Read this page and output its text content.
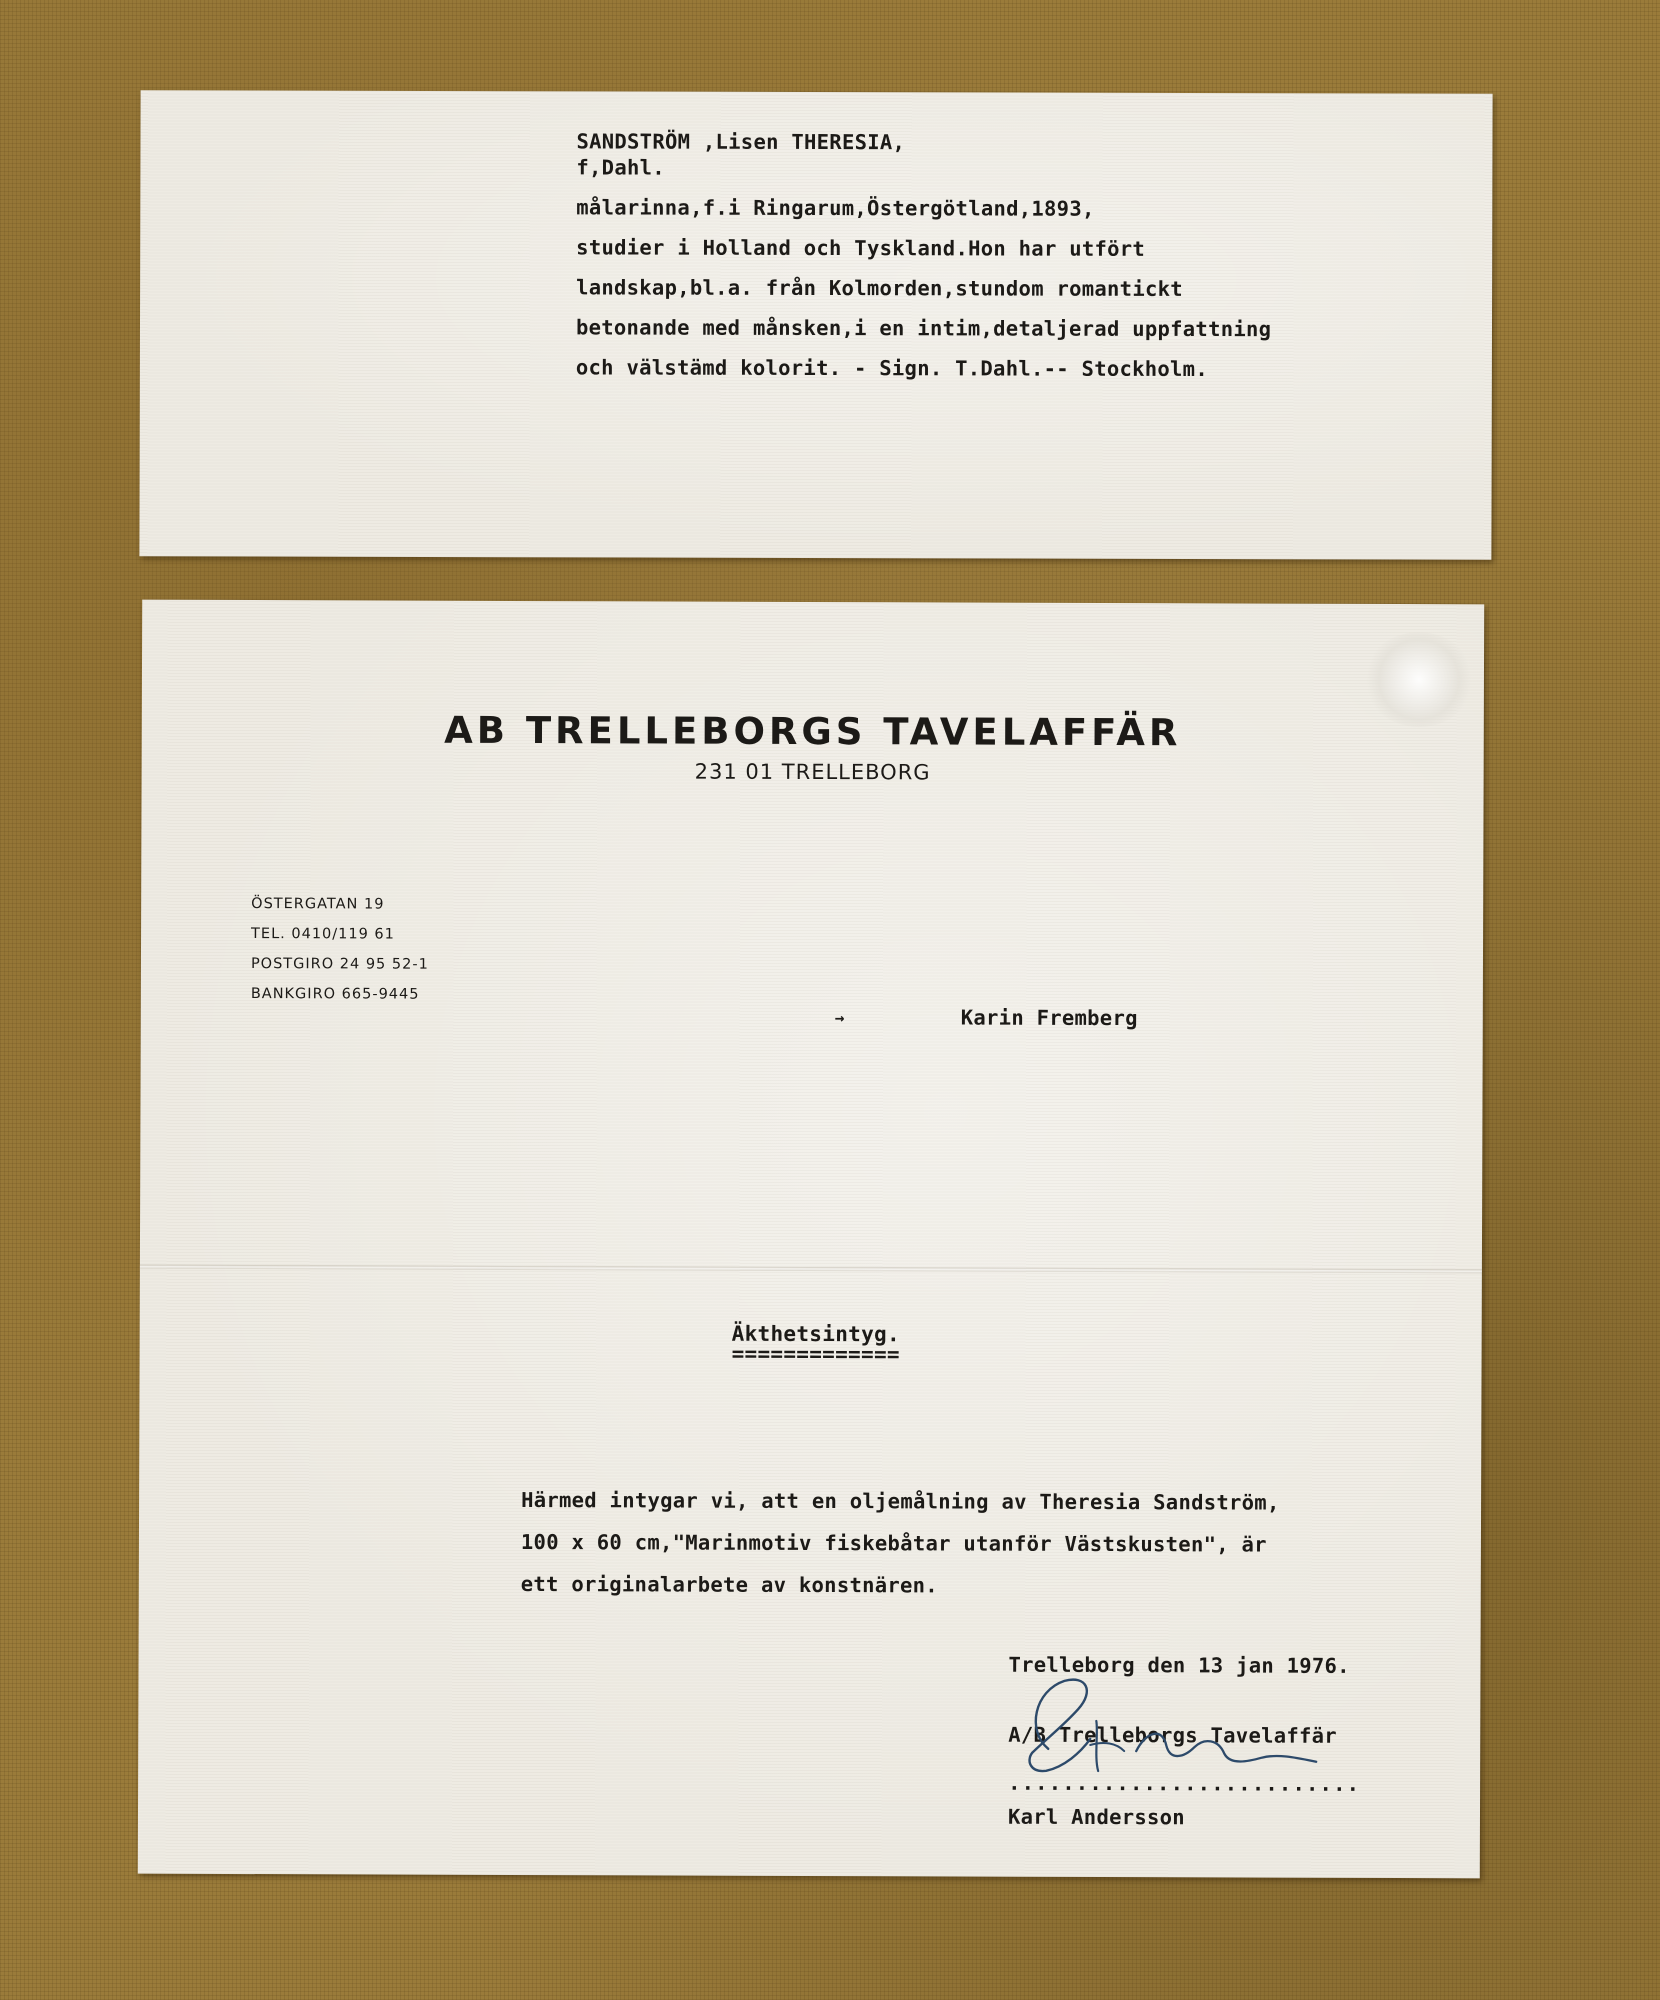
SANDSTRÖM ,Lisen THERESIA,
f,Dahl.
målarinna,f.i Ringarum,Östergötland,1893,
studier i Holland och Tyskland.Hon har utfört
landskap,bl.a. från Kolmorden,stundom romantickt
betonande med månsken,i en intim,detaljerad uppfattning
och välstämd kolorit. - Sign. T.Dahl.-- Stockholm.
AB TRELLEBORGS TAVELAFFÄR
231 01 TRELLEBORG
ÖSTERGATAN 19
TEL. 0410/119 61
POSTGIRO 24 95 52-1
BANKGIRO 665-9445
→	Karin Fremberg
Äkthetsintyg.
=============
Härmed intygar vi, att en oljemålning av Theresia Sandström,
100 x 60 cm,"Marinmotiv fiskebåtar utanför Västskusten", är
ett originalarbete av konstnären.
Trelleborg den 13 jan 1976.
A/B Trelleborgs Tavelaffär
..........................
Karl Andersson
